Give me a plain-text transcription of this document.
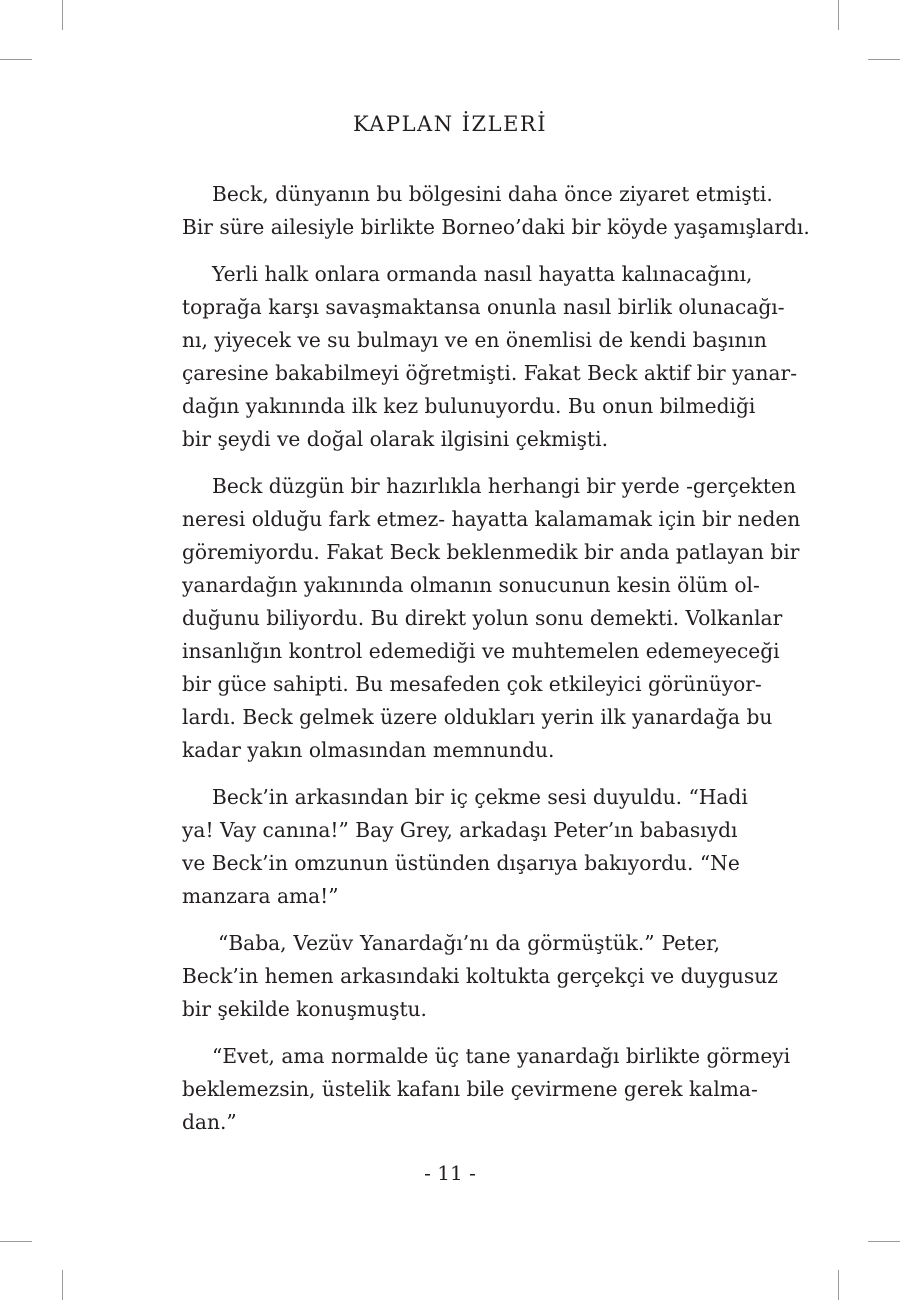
KAPLAN İZLERİ

Beck, dünyanın bu bölgesini daha önce ziyaret etmişti.
Bir süre ailesiyle birlikte Borneo’daki bir köyde yaşamışlardı.

Yerli halk onlara ormanda nasıl hayatta kalınacağını,
toprağa karşı savaşmaktansa onunla nasıl birlik olunacağı-
nı, yiyecek ve su bulmayı ve en önemlisi de kendi başının
çaresine bakabilmeyi öğretmişti. Fakat Beck aktif bir yanar-
dağın yakınında ilk kez bulunuyordu. Bu onun bilmediği
bir şeydi ve doğal olarak ilgisini çekmişti.

Beck düzgün bir hazırlıkla herhangi bir yerde -gerçekten
neresi olduğu fark etmez- hayatta kalamamak için bir neden
göremiyordu. Fakat Beck beklenmedik bir anda patlayan bir
yanardağın yakınında olmanın sonucunun kesin ölüm ol-
duğunu biliyordu. Bu direkt yolun sonu demekti. Volkanlar
insanlığın kontrol edemediği ve muhtemelen edemeyeceği
bir güce sahipti. Bu mesafeden çok etkileyici görünüyor-
lardı. Beck gelmek üzere oldukları yerin ilk yanardağa bu
kadar yakın olmasından memnundu.

Beck’in arkasından bir iç çekme sesi duyuldu. “Hadi
ya! Vay canına!” Bay Grey, arkadaşı Peter’ın babasıydı
ve Beck’in omzunun üstünden dışarıya bakıyordu. “Ne
manzara ama!”

“Baba, Vezüv Yanardağı’nı da görmüştük.” Peter,
Beck’in hemen arkasındaki koltukta gerçekçi ve duygusuz
bir şekilde konuşmuştu.

“Evet, ama normalde üç tane yanardağı birlikte görmeyi
beklemezsin, üstelik kafanı bile çevirmene gerek kalma-
dan.”

- 11 -
